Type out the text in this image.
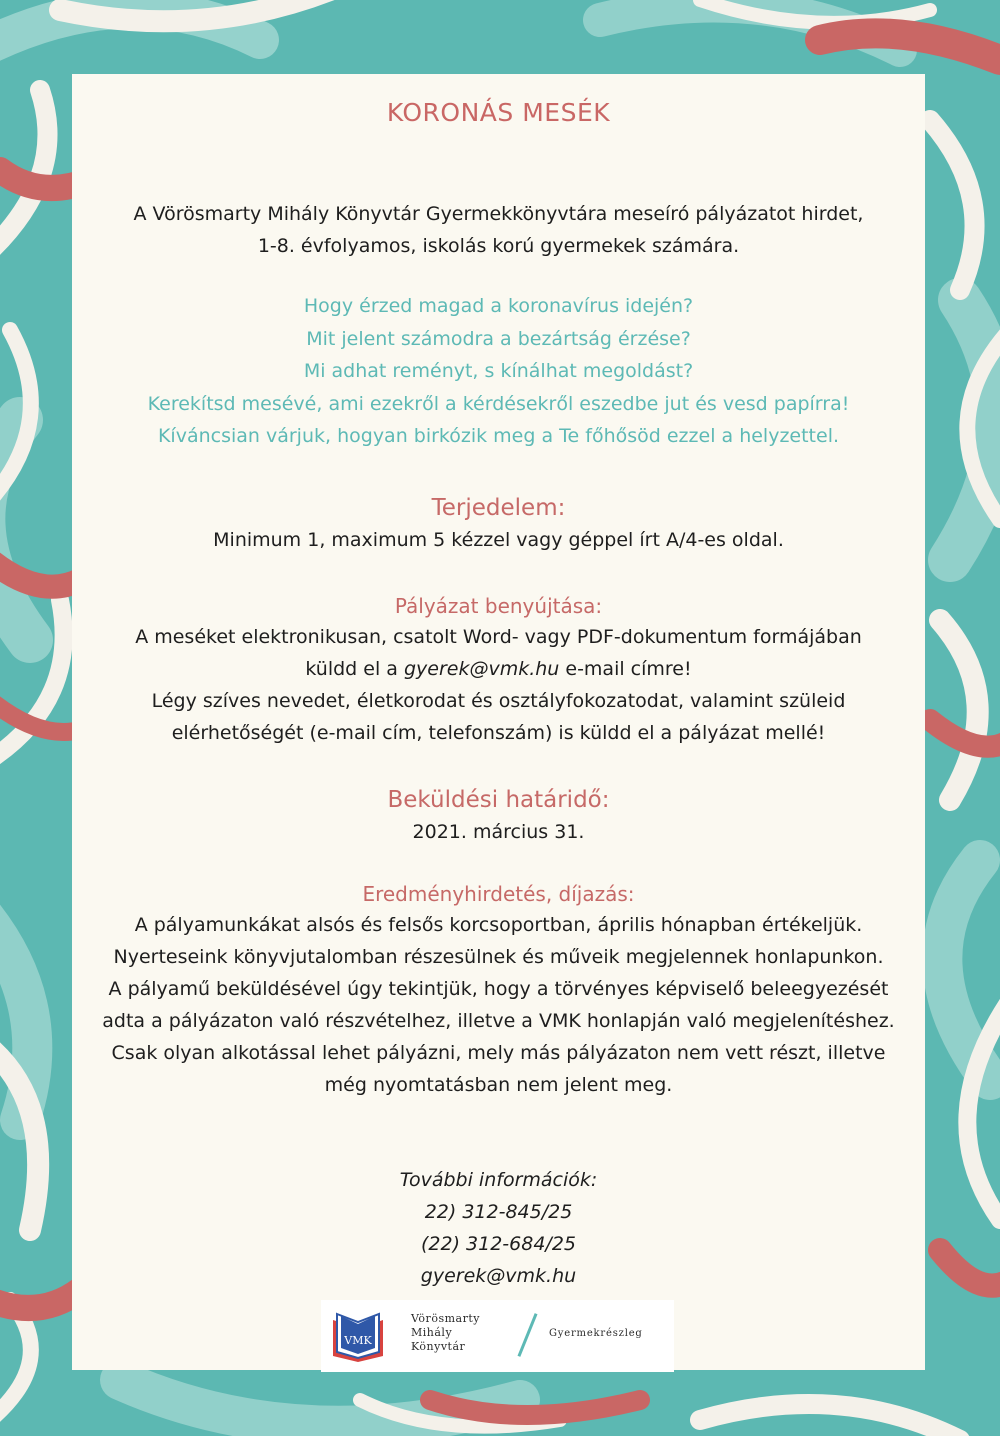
KORONÁS MESÉK

A Vörösmarty Mihály Könyvtár Gyermekkönyvtára meseíró pályázatot hirdet,

1-8. évfolyamos, iskolás korú gyermekek számára.

Hogy érzed magad a koronavírus idején?

Mit jelent számodra a bezártság érzése?

Mi adhat reményt, s kínálhat megoldást?

Kerekítsd mesévé, ami ezekről a kérdésekről eszedbe jut és vesd papírra!

Kíváncsian várjuk, hogyan birkózik meg a Te főhősöd ezzel a helyzettel.

Terjedelem:

Minimum 1, maximum 5 kézzel vagy géppel írt A/4-es oldal.

Pályázat benyújtása:

A meséket elektronikusan, csatolt Word- vagy PDF-dokumentum formájában

küldd el a gyerek@vmk.hu e-mail címre!

Légy szíves nevedet, életkorodat és osztályfokozatodat, valamint szüleid

elérhetőségét (e-mail cím, telefonszám) is küldd el a pályázat mellé!

Beküldési határidő:

2021. március 31.

Eredményhirdetés, díjazás:

A pályamunkákat alsós és felsős korcsoportban, április hónapban értékeljük.

Nyerteseink könyvjutalomban részesülnek és műveik megjelennek honlapunkon.

A pályamű beküldésével úgy tekintjük, hogy a törvényes képviselő beleegyezését

adta a pályázaton való részvételhez, illetve a VMK honlapján való megjelenítéshez.

Csak olyan alkotással lehet pályázni, mely más pályázaton nem vett részt, illetve

még nyomtatásban nem jelent meg.

További információk:

22) 312-845/25

(22) 312-684/25

gyerek@vmk.hu

VMK
Vörösmarty
Mihály
Könyvtár
Gyermekrészleg
